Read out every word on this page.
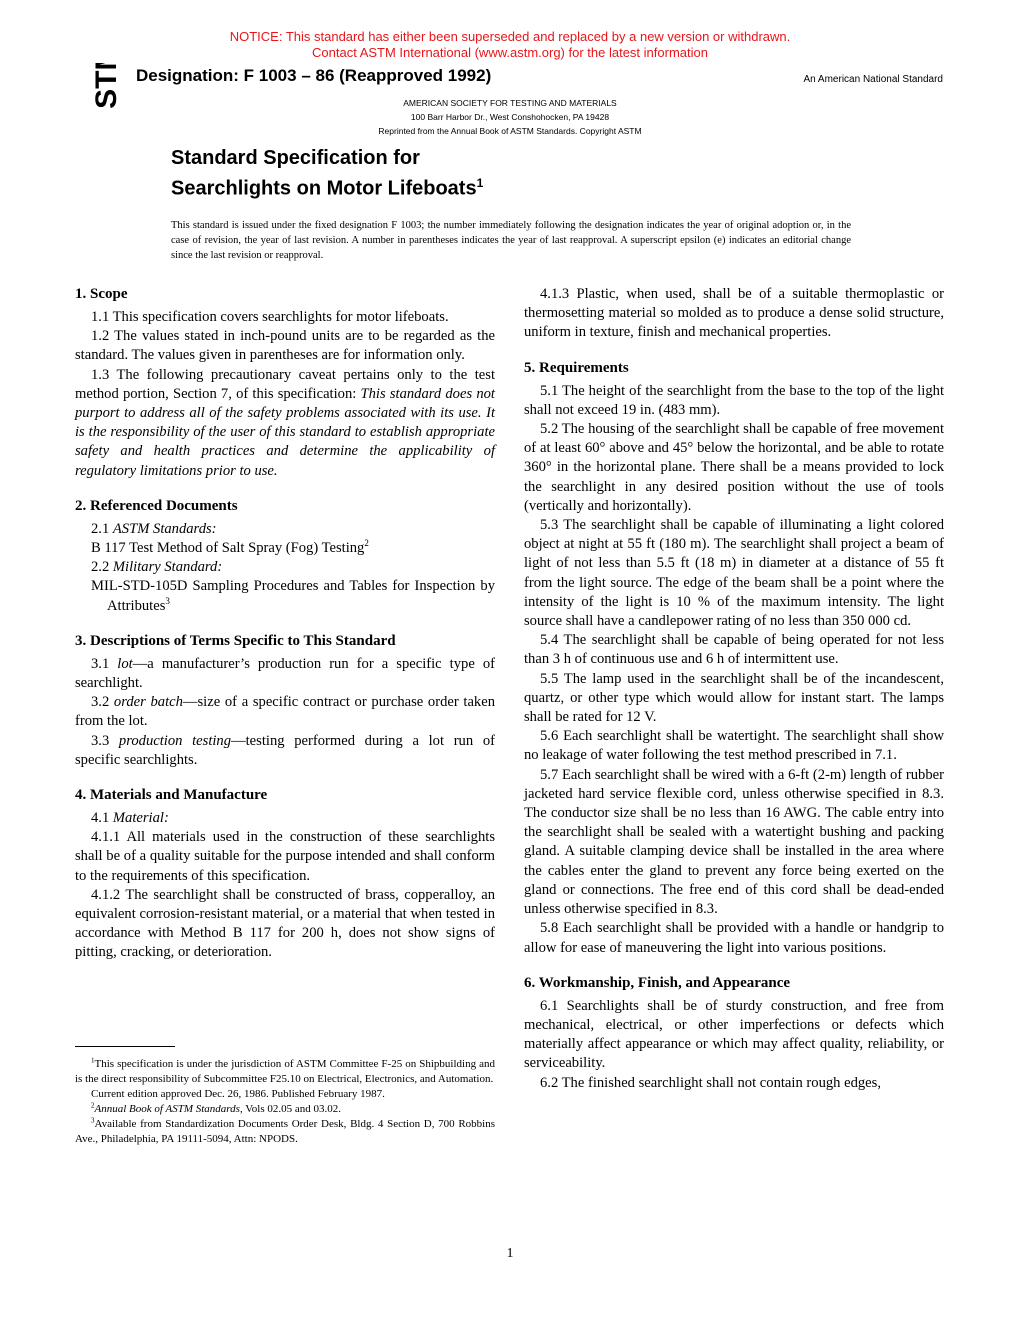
NOTICE: This standard has either been superseded and replaced by a new version or withdrawn.
Contact ASTM International (www.astm.org) for the latest information
ASTM Designation: F 1003 – 86 (Reapproved 1992)	An American National Standard
AMERICAN SOCIETY FOR TESTING AND MATERIALS
100 Barr Harbor Dr., West Conshohocken, PA 19428
Reprinted from the Annual Book of ASTM Standards. Copyright ASTM
Standard Specification for
Searchlights on Motor Lifeboats$^1$
This standard is issued under the fixed designation F 1003; the number immediately following the designation indicates the year of original adoption or, in the case of revision, the year of last revision. A number in parentheses indicates the year of last reapproval. A superscript epsilon (e) indicates an editorial change since the last revision or reapproval.
1. Scope

1.1 This specification covers searchlights for motor lifeboats.

1.2 The values stated in inch-pound units are to be regarded as the standard. The values given in parentheses are for information only.

1.3 The following precautionary caveat pertains only to the test method portion, Section 7, of this specification: This standard does not purport to address all of the safety problems associated with its use. It is the responsibility of the user of this standard to establish appropriate safety and health practices and determine the applicability of regulatory limitations prior to use.

2. Referenced Documents

2.1 ASTM Standards:

B 117 Test Method of Salt Spray (Fog) Testing$^2$

2.2 Military Standard:

MIL-STD-105D Sampling Procedures and Tables for Inspection by Attributes$^3$

3. Descriptions of Terms Specific to This Standard

3.1 lot—a manufacturer’s production run for a specific type of searchlight.

3.2 order batch—size of a specific contract or purchase order taken from the lot.

3.3 production testing—testing performed during a lot run of specific searchlights.

4. Materials and Manufacture

4.1 Material:

4.1.1 All materials used in the construction of these searchlights shall be of a quality suitable for the purpose intended and shall conform to the requirements of this specification.

4.1.2 The searchlight shall be constructed of brass, copperalloy, an equivalent corrosion-resistant material, or a material that when tested in accordance with Method B 117 for 200 h, does not show signs of pitting, cracking, or deterioration.

$^1$This specification is under the jurisdiction of ASTM Committee F-25 on Shipbuilding and is the direct responsibility of Subcommittee F25.10 on Electrical, Electronics, and Automation.

Current edition approved Dec. 26, 1986. Published February 1987.

$^2$Annual Book of ASTM Standards, Vols 02.05 and 03.02.

$^3$Available from Standardization Documents Order Desk, Bldg. 4 Section D, 700 Robbins Ave., Philadelphia, PA 19111-5094, Attn: NPODS.

4.1.3 Plastic, when used, shall be of a suitable thermoplastic or thermosetting material so molded as to produce a dense solid structure, uniform in texture, finish and mechanical properties.

5. Requirements

5.1 The height of the searchlight from the base to the top of the light shall not exceed 19 in. (483 mm).

5.2 The housing of the searchlight shall be capable of free movement of at least 60° above and 45° below the horizontal, and be able to rotate 360° in the horizontal plane. There shall be a means provided to lock the searchlight in any desired position without the use of tools (vertically and horizontally).

5.3 The searchlight shall be capable of illuminating a light colored object at night at 55 ft (180 m). The searchlight shall project a beam of light of not less than 5.5 ft (18 m) in diameter at a distance of 55 ft from the light source. The edge of the beam shall be a point where the intensity of the light is 10 % of the maximum intensity. The light source shall have a candlepower rating of no less than 350 000 cd.

5.4 The searchlight shall be capable of being operated for not less than 3 h of continuous use and 6 h of intermittent use.

5.5 The lamp used in the searchlight shall be of the incandescent, quartz, or other type which would allow for instant start. The lamps shall be rated for 12 V.

5.6 Each searchlight shall be watertight. The searchlight shall show no leakage of water following the test method prescribed in 7.1.

5.7 Each searchlight shall be wired with a 6-ft (2-m) length of rubber jacketed hard service flexible cord, unless otherwise specified in 8.3. The conductor size shall be no less than 16 AWG. The cable entry into the searchlight shall be sealed with a watertight bushing and packing gland. A suitable clamping device shall be installed in the area where the cables enter the gland to prevent any force being exerted on the gland or connections. The free end of this cord shall be dead-ended unless otherwise specified in 8.3.

5.8 Each searchlight shall be provided with a handle or handgrip to allow for ease of maneuvering the light into various positions.

6. Workmanship, Finish, and Appearance

6.1 Searchlights shall be of sturdy construction, and free from mechanical, electrical, or other imperfections or defects which materially affect appearance or which may affect quality, reliability, or serviceability.

6.2 The finished searchlight shall not contain rough edges,

1
